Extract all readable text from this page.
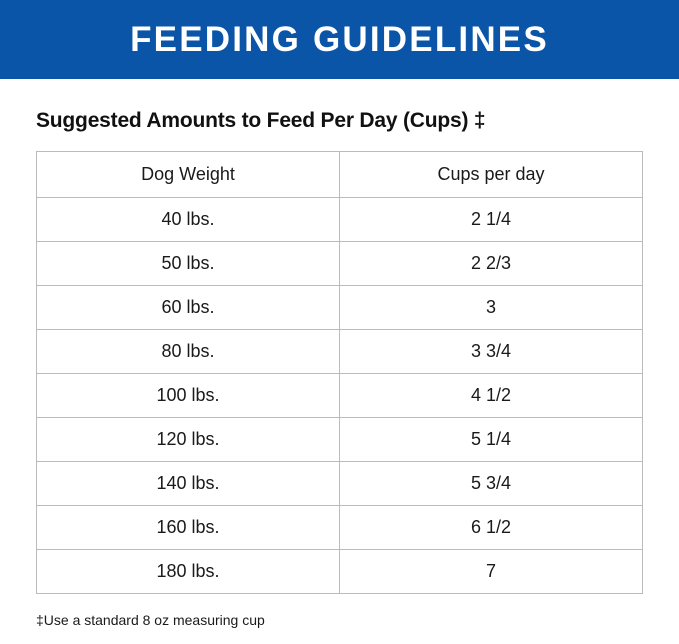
FEEDING GUIDELINES
Suggested Amounts to Feed Per Day (Cups) ‡
Dog Weight	Cups per day
40 lbs.	2 1/4
50 lbs.	2 2/3
60 lbs.	3
80 lbs.	3 3/4
100 lbs.	4 1/2
120 lbs.	5 1/4
140 lbs.	5 3/4
160 lbs.	6 1/2
180 lbs.	7
‡Use a standard 8 oz measuring cup
